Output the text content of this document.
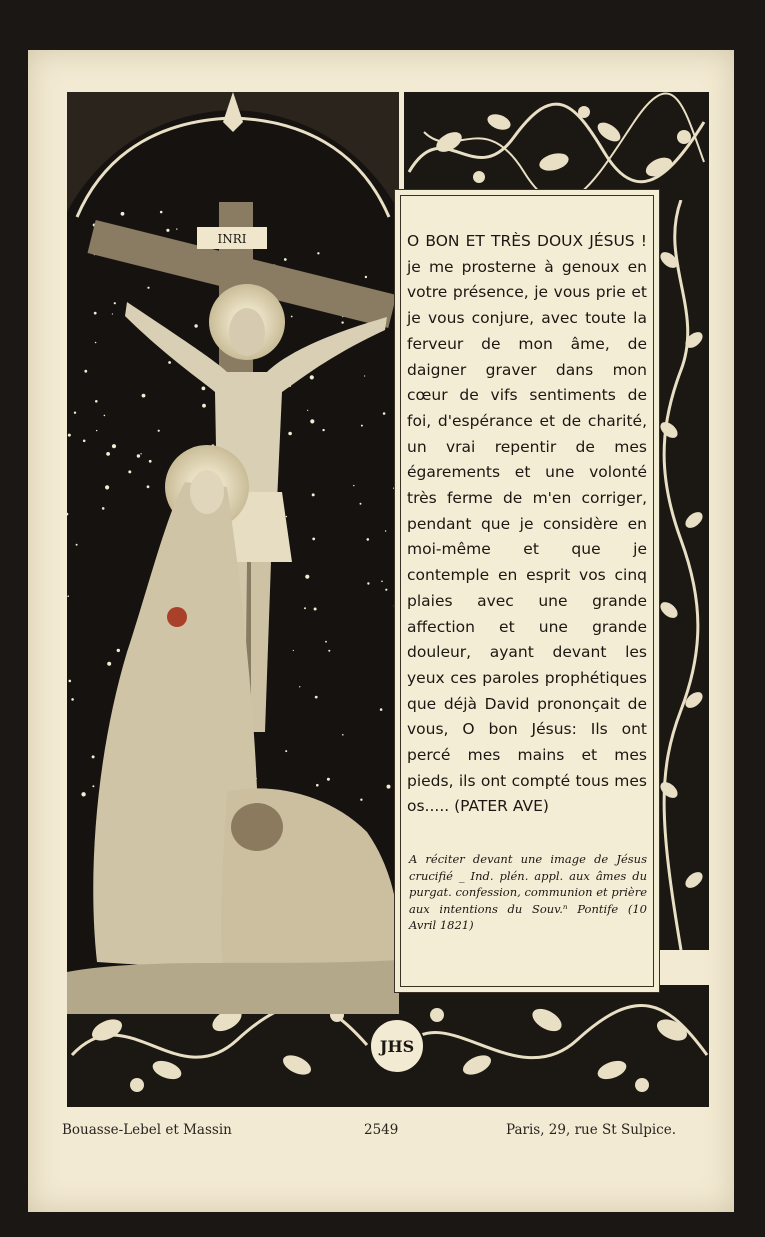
INRI	O BON ET TRÈS DOUX JÉSUS ! je me prosterne à genoux en votre présence, je vous prie et je vous conjure, avec toute la ferveur de mon âme, de daigner graver dans mon cœur de vifs sentiments de foi, d'espérance et de charité, un vrai repentir de mes égarements et une volonté très ferme de m'en corriger, pendant que je considère en moi-même et que je contemple en esprit vos cinq plaies avec une grande affection et une grande douleur, ayant devant les yeux ces paroles prophétiques que déjà David prononçait de vous, O bon Jésus: Ils ont percé mes mains et mes pieds, ils ont compté tous mes os..... (PATER AVE)

A réciter devant une image de Jésus crucifié _ Ind. plén. appl. aux âmes du purgat. confession, communion et prière aux intentions du Souv.ⁿ Pontife (10 Avril 1821)

JHS
Bouasse-Lebel et Massin	2549	Paris, 29, rue St Sulpice.
